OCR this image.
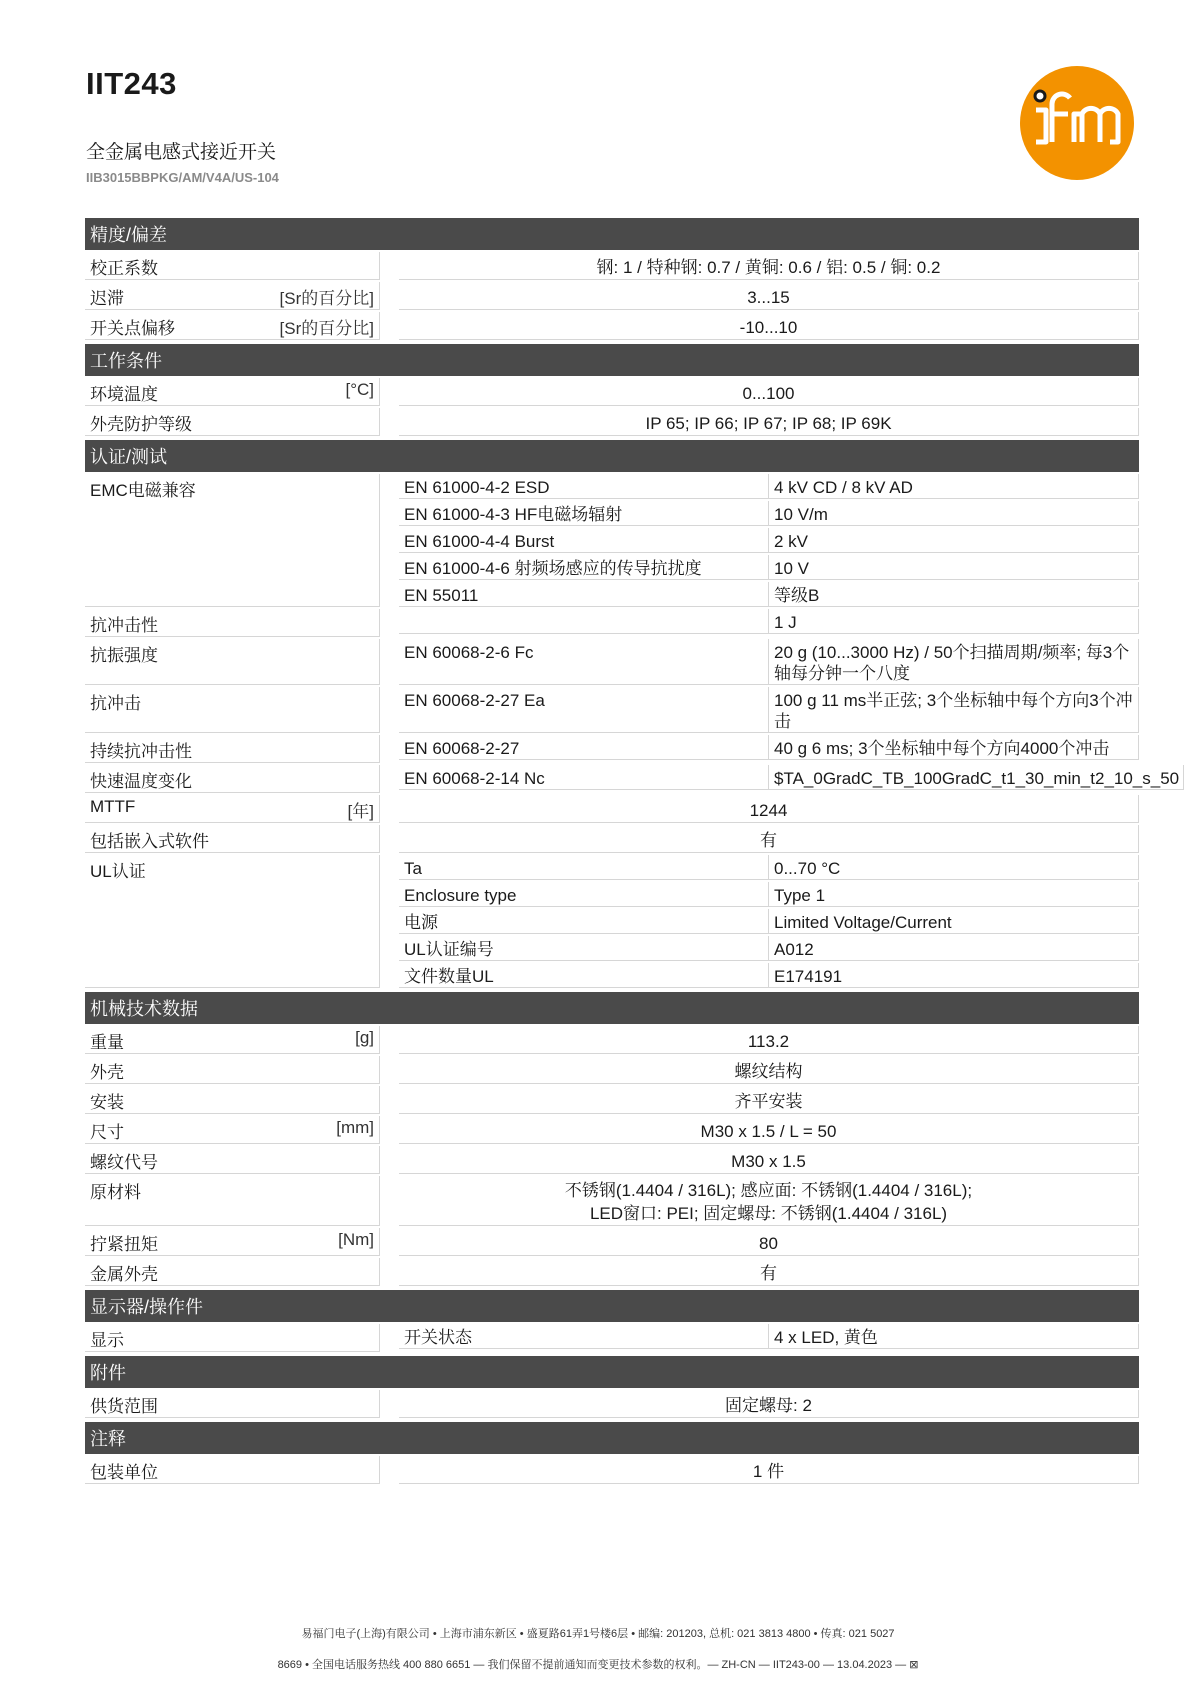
IIT243
全金属电感式接近开关
IIB3015BBPKG/AM/V4A/US-104
精度/偏差
校正系数	钢: 1 / 特种钢: 0.7 / 黄铜: 0.6 / 铝: 0.5 / 铜: 0.2
迟滞	[Sr的百分比]	3...15
开关点偏移	[Sr的百分比]	-10...10
工作条件
环境温度	[°C]	0...100
外壳防护等级	IP 65; IP 66; IP 67; IP 68; IP 69K
认证/测试
EMC电磁兼容	EN 61000-4-2 ESD	4 kV CD / 8 kV AD
EN 61000-4-3 HF电磁场辐射	10 V/m
EN 61000-4-4 Burst	2 kV
EN 61000-4-6 射频场感应的传导抗扰度	10 V
EN 55011	等级B
抗冲击性	1 J
抗振强度	EN 60068-2-6 Fc	20 g (10...3000 Hz) / 50个扫描周期/频率; 每3个轴每分钟一个八度
抗冲击	EN 60068-2-27 Ea	100 g 11 ms半正弦; 3个坐标轴中每个方向3个冲击
持续抗冲击性	EN 60068-2-27	40 g 6 ms; 3个坐标轴中每个方向4000个冲击
快速温度变化	EN 60068-2-14 Nc	$TA_0GradC_TB_100GradC_t1_30_min_t2_10_s_50
MTTF	[年]	1244
包括嵌入式软件	有
UL认证	Ta	0...70 °C
Enclosure type	Type 1
电源	Limited Voltage/Current
UL认证编号	A012
文件数量UL	E174191
机械技术数据
重量	[g]	113.2
外壳	螺纹结构
安装	齐平安装
尺寸	[mm]	M30 x 1.5 / L = 50
螺纹代号	M30 x 1.5
原材料	不锈钢(1.4404 / 316L); 感应面: 不锈钢(1.4404 / 316L);
LED窗口: PEI; 固定螺母: 不锈钢(1.4404 / 316L)
拧紧扭矩	[Nm]	80
金属外壳	有
显示器/操作件
显示	开关状态	4 x LED, 黄色
附件
供货范围	固定螺母: 2
注释
包装单位	1 件
易福门电子(上海)有限公司 • 上海市浦东新区 • 盛夏路61弄1号楼6层 • 邮编: 201203, 总机: 021 3813 4800 • 传真: 021 5027
8669 • 全国电话服务热线 400 880 6651 — 我们保留不提前通知而变更技术参数的权利。— ZH-CN — IIT243-00 — 13.04.2023 — ⊠
